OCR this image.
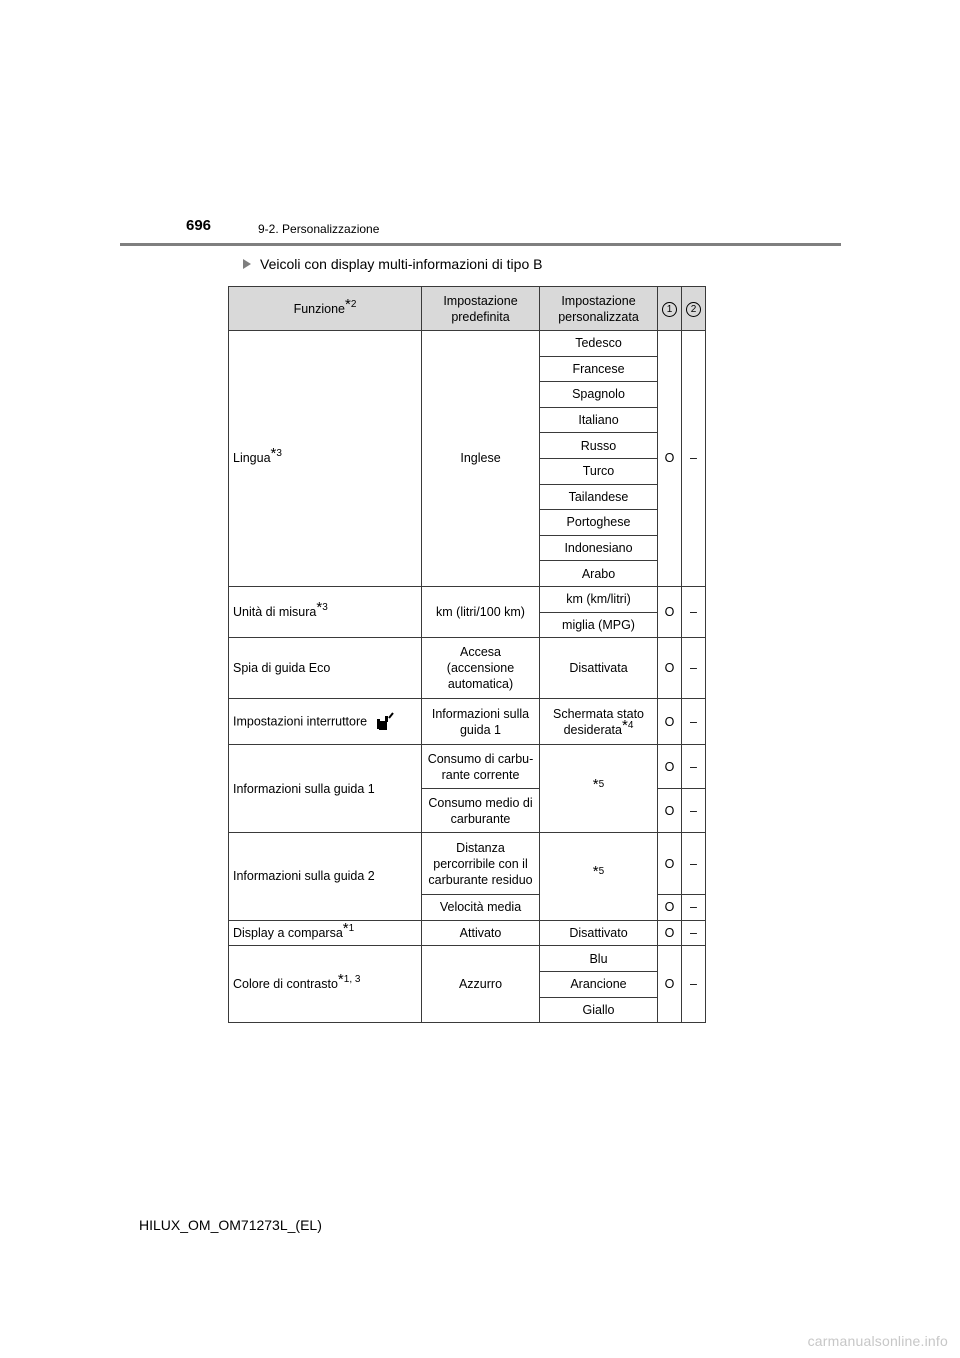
696	9-2. Personalizzazione
Veicoli con display multi-informazioni di tipo B
Funzione$^{*2}$	Impostazione predefinita	Impostazione personalizzata	1	2
Lingua$^{*3}$	Inglese	Tedesco	O	–
		Francese		
		Spagnolo		
		Italiano		
		Russo		
		Turco		
		Tailandese		
		Portoghese		
		Indonesiano		
		Arabo		
Unità di misura$^{*3}$	km (litri/100 km)	km (km/litri)	O	–
		miglia (MPG)		
Spia di guida Eco	Accesa (accensione automatica)	Disattivata	O	–
Impostazioni interruttore	Informazioni sulla guida 1	Schermata stato desiderata$^{*4}$	O	–
Informazioni sulla guida 1	Consumo di carbu-rante corrente	$^{*5}$	O	–
	Consumo medio di carburante		O	–
Informazioni sulla guida 2	Distanza percorribile con il carburante residuo	$^{*5}$	O	–
	Velocità media		O	–
Display a comparsa$^{*1}$	Attivato	Disattivato	O	–
Colore di contrasto$^{*1, 3}$	Azzurro	Blu	O	–
		Arancione		
		Giallo		
HILUX_OM_OM71273L_(EL)
carmanualsonline.info
